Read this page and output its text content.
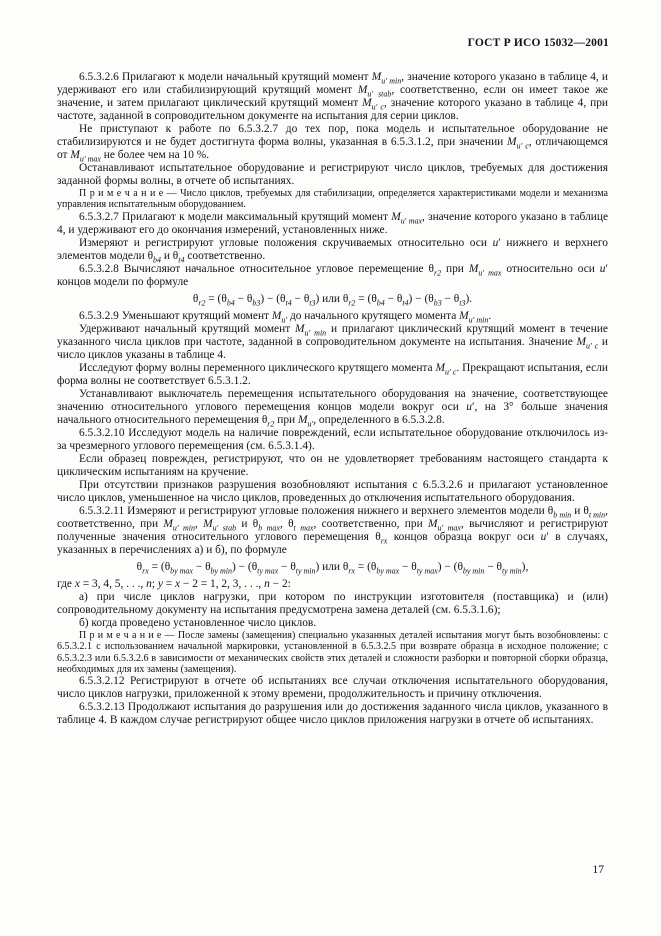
ГОСТ Р ИСО 15032—2001

6.5.3.2.6 Прилагают к модели начальный крутящий момент $M_{u' min}$, значение которого указано в таблице 4, и удерживают его или стабилизирующий крутящий момент $M_{u' stab}$, соответственно, если он имеет такое же значение, и затем прилагают циклический крутящий момент $M_{u' c}$, значение которого указано в таблице 4, при частоте, заданной в сопроводительном документе на испытания для серии циклов.

Не приступают к работе по 6.5.3.2.7 до тех пор, пока модель и испытательное оборудование не стабилизируются и не будет достигнута форма волны, указанная в 6.5.3.1.2, при значении $M_{u' c}$, отличающемся от $M_{u' max}$ не более чем на 10 %.

Останавливают испытательное оборудование и регистрируют число циклов, требуемых для достижения заданной формы волны, в отчете об испытаниях.

П р и м е ч а н и е — Число циклов, требуемых для стабилизации, определяется характеристиками модели и механизма управления испытательным оборудованием.

6.5.3.2.7 Прилагают к модели максимальный крутящий момент $M_{u' max}$, значение которого указано в таблице 4, и удерживают его до окончания измерений, установленных ниже.

Измеряют и регистрируют угловые положения скручиваемых относительно оси u′ нижнего и верхнего элементов модели $\theta_{b4}$ и $\theta_{t4}$ соответственно.

6.5.3.2.8 Вычисляют начальное относительное угловое перемещение $\theta_{r2}$ при $M_{u' max}$ относительно оси u′ концов модели по формуле

$\theta_{r2} = (\theta_{b4} - \theta_{b3}) - (\theta_{t4} - \theta_{t3})$ или $\theta_{r2} = (\theta_{b4} - \theta_{t4}) - (\theta_{b3} - \theta_{t3})$.

6.5.3.2.9 Уменьшают крутящий момент $M_{u'}$ до начального крутящего момента $M_{u' min}$.

Удерживают начальный крутящий момент $M_{u' min}$ и прилагают циклический крутящий момент в течение указанного числа циклов при частоте, заданной в сопроводительном документе на испытания. Значение $M_{u' c}$ и число циклов указаны в таблице 4.

Исследуют форму волны переменного циклического крутящего момента $M_{u' c}$. Прекращают испытания, если форма волны не соответствует 6.5.3.1.2.

Устанавливают выключатель перемещения испытательного оборудования на значение, соответствующее значению относительного углового перемещения концов модели вокруг оси u′, на 3° больше значения начального относительного перемещения $\theta_{r2}$ при $M_{u'}$, определенного в 6.5.3.2.8.

6.5.3.2.10 Исследуют модель на наличие повреждений, если испытательное оборудование отключилось из-за чрезмерного углового перемещения (см. 6.5.3.1.4).

Если образец поврежден, регистрируют, что он не удовлетворяет требованиям настоящего стандарта к циклическим испытаниям на кручение.

При отсутствии признаков разрушения возобновляют испытания с 6.5.3.2.6 и прилагают установленное число циклов, уменьшенное на число циклов, проведенных до отключения испытательного оборудования.

6.5.3.2.11 Измеряют и регистрируют угловые положения нижнего и верхнего элементов модели $\theta_{b min}$ и $\theta_{t min}$, соответственно, при $M_{u' min}$, $M_{u' stab}$ и $\theta_{b max}$, $\theta_{t max}$, соответственно, при $M_{u' max}$, вычисляют и регистрируют полученные значения относительного углового перемещения $\theta_{rx}$ концов образца вокруг оси u′ в случаях, указанных в перечислениях а) и б), по формуле

$\theta_{rx} = (\theta_{by max} - \theta_{by min}) - (\theta_{ty max} - \theta_{ty min})$ или $\theta_{rx} = (\theta_{by max} - \theta_{ty max}) - (\theta_{by min} - \theta_{ty min})$,

где x = 3, 4, 5, . . ., n; y = x − 2 = 1, 2, 3, . . ., n − 2:

а) при числе циклов нагрузки, при котором по инструкции изготовителя (поставщика) и (или) сопроводительному документу на испытания предусмотрена замена деталей (см. 6.5.3.1.6);

б) когда проведено установленное число циклов.

П р и м е ч а н и е — После замены (замещения) специально указанных деталей испытания могут быть возобновлены: с 6.5.3.2.1 с использованием начальной маркировки, установленной в 6.5.3.2.5 при возврате образца в исходное положение; с 6.5.3.2.3 или 6.5.3.2.6 в зависимости от механических свойств этих деталей и сложности разборки и повторной сборки образца, необходимых для их замены (замещения).

6.5.3.2.12 Регистрируют в отчете об испытаниях все случаи отключения испытательного оборудования, число циклов нагрузки, приложенной к этому времени, продолжительность и причину отключения.

6.5.3.2.13 Продолжают испытания до разрушения или до достижения заданного числа циклов, указанного в таблице 4. В каждом случае регистрируют общее число циклов приложения нагрузки в отчете об испытаниях.

17
